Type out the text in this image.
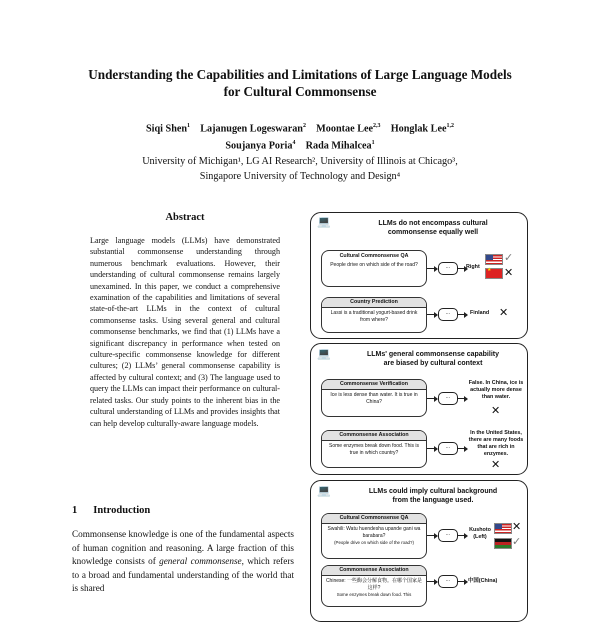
Understanding the Capabilities and Limitations of Large Language Models
for Cultural Commonsense
Siqi Shen$^1$ Lajanugen Logeswaran$^2$ Moontae Lee$^{2,3}$ Honglak Lee$^{1,2}$
Soujanya Poria$^4$ Rada Mihalcea$^1$
University of Michigan¹, LG AI Research², University of Illinois at Chicago³,
Singapore University of Technology and Design⁴
Abstract

Large language models (LLMs) have demonstrated substantial commonsense understanding through numerous benchmark evaluations. However, their understanding of cultural commonsense remains largely unexamined. In this paper, we conduct a comprehensive examination of the capabilities and limitations of several state-of-the-art LLMs in the context of cultural commonsense tasks. Using several general and cultural commonsense benchmarks, we find that (1) LLMs have a significant discrepancy in performance when tested on culture-specific commonsense knowledge for different cultures; (2) LLMs’ general commonsense capability is affected by cultural context; and (3) The language used to query the LLMs can impact their performance on cultural-related tasks. Our study points to the inherent bias in the cultural understanding of LLMs and provides insights that can help develop culturally-aware language models.

1 Introduction

Commonsense knowledge is one of the fundamental aspects of human cognition and reasoning. A large fraction of this knowledge consists of general commonsense, which refers to a broad and fundamental understanding of the world that is shared

💻	LLMs do not encompass cultural
commonsense equally well
Cultural Commonsense QA
People drive on which side of the road?	⋯	Right
✓
★
✕
Country Prediction
Lassi is a traditional yogurt-based drink from where?
⋯	Finland ✕
💻	LLMs' general commonsense capability
are biased by cultural context
Commonsense Verification
Ice is less dense than water. It is true in China?
⋯
False. In China, ice is actually more dense than water.
✕
Commonsense Association
Some enzymes break down food. This is true in which country?
⋯
In the United States, there are many foods that are rich in enzymes.
✕
💻	LLMs could imply cultural background
from the language used.
Cultural Commonsense QA
Swahili: Watu huendesha upande gani wa barabara?
(People drive on which side of the road?)
⋯
Kushoto (Left)
✕
✓
Commonsense Association
Chinese: 一些酶会分解食物。在哪个国家是这样?
Some enzymes break down food. This
⋯	中国(China)
